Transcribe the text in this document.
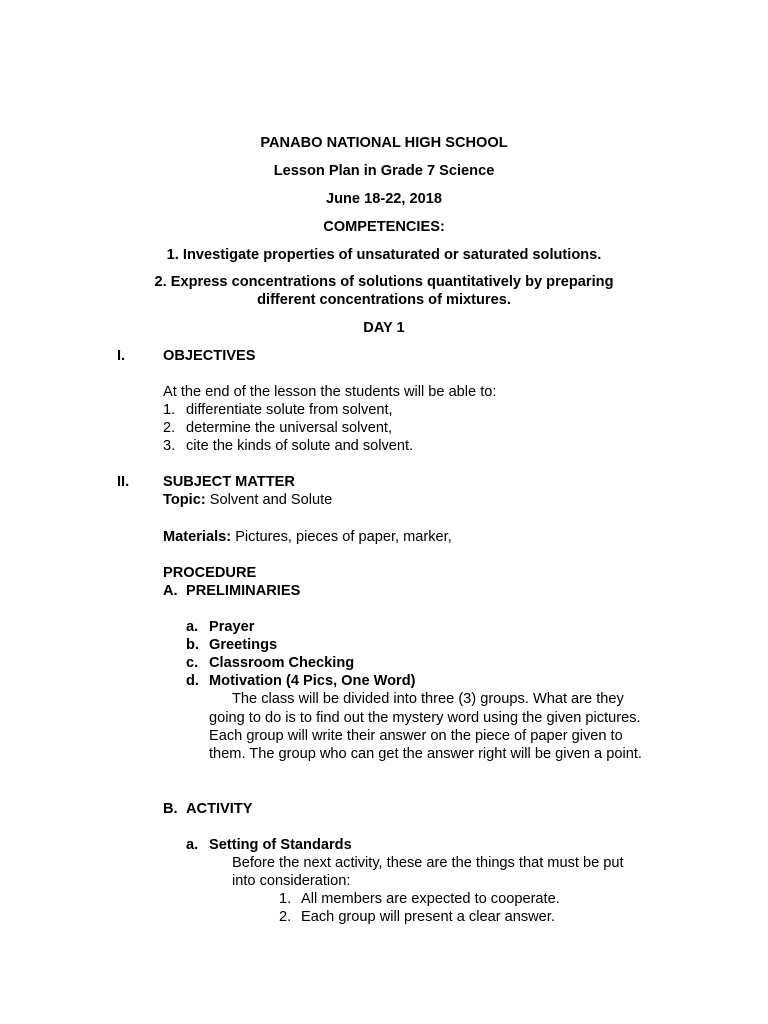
PANABO NATIONAL HIGH SCHOOL
Lesson Plan in Grade 7 Science
June 18-22, 2018
COMPETENCIES:
1. Investigate properties of unsaturated or saturated solutions.
2. Express concentrations of solutions quantitatively by preparing
different concentrations of mixtures.
DAY 1
I.	OBJECTIVES
At the end of the lesson the students will be able to:
1. differentiate solute from solvent,
2. determine the universal solvent,
3. cite the kinds of solute and solvent.
II. SUBJECT MATTER
Topic: Solvent and Solute
Materials: Pictures, pieces of paper, marker,
PROCEDURE
A. PRELIMINARIES
a. Prayer
b. Greetings
c. Classroom Checking
d. Motivation (4 Pics, One Word)
The class will be divided into three (3) groups. What are they
going to do is to find out the mystery word using the given pictures.
Each group will write their answer on the piece of paper given to
them. The group who can get the answer right will be given a point.
B. ACTIVITY
a. Setting of Standards
Before the next activity, these are the things that must be put
into consideration:
1. All members are expected to cooperate.
2. Each group will present a clear answer.
